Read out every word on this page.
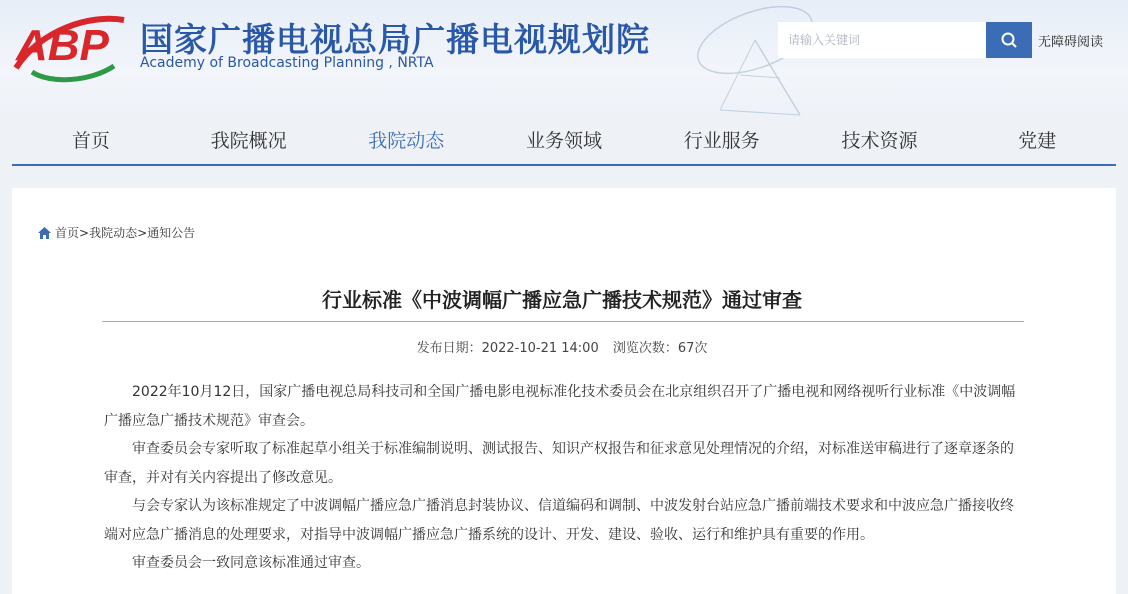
ABP 国家广播电视总局广播电视规划院
Academy of Broadcasting Planning , NRTA
请输入关键词
无障碍阅读
首页	我院概况	我院动态	业务领域	行业服务	技术资源	党建
首页 > 我院动态 > 通知公告
行业标准《中波调幅广播应急广播技术规范》通过审查
发布日期：2022-10-21 14:00 浏览次数：67次

2022年10月12日，国家广播电视总局科技司和全国广播电影电视标准化技术委员会在北京组织召开了广播电视和网络视听行业标准《中波调幅广播应急广播技术规范》审查会。

审查委员会专家听取了标准起草小组关于标准编制说明、测试报告、知识产权报告和征求意见处理情况的介绍，对标准送审稿进行了逐章逐条的审查，并对有关内容提出了修改意见。

与会专家认为该标准规定了中波调幅广播应急广播消息封装协议、信道编码和调制、中波发射台站应急广播前端技术要求和中波应急广播接收终端对应急广播消息的处理要求，对指导中波调幅广播应急广播系统的设计、开发、建设、验收、运行和维护具有重要的作用。

审查委员会一致同意该标准通过审查。
